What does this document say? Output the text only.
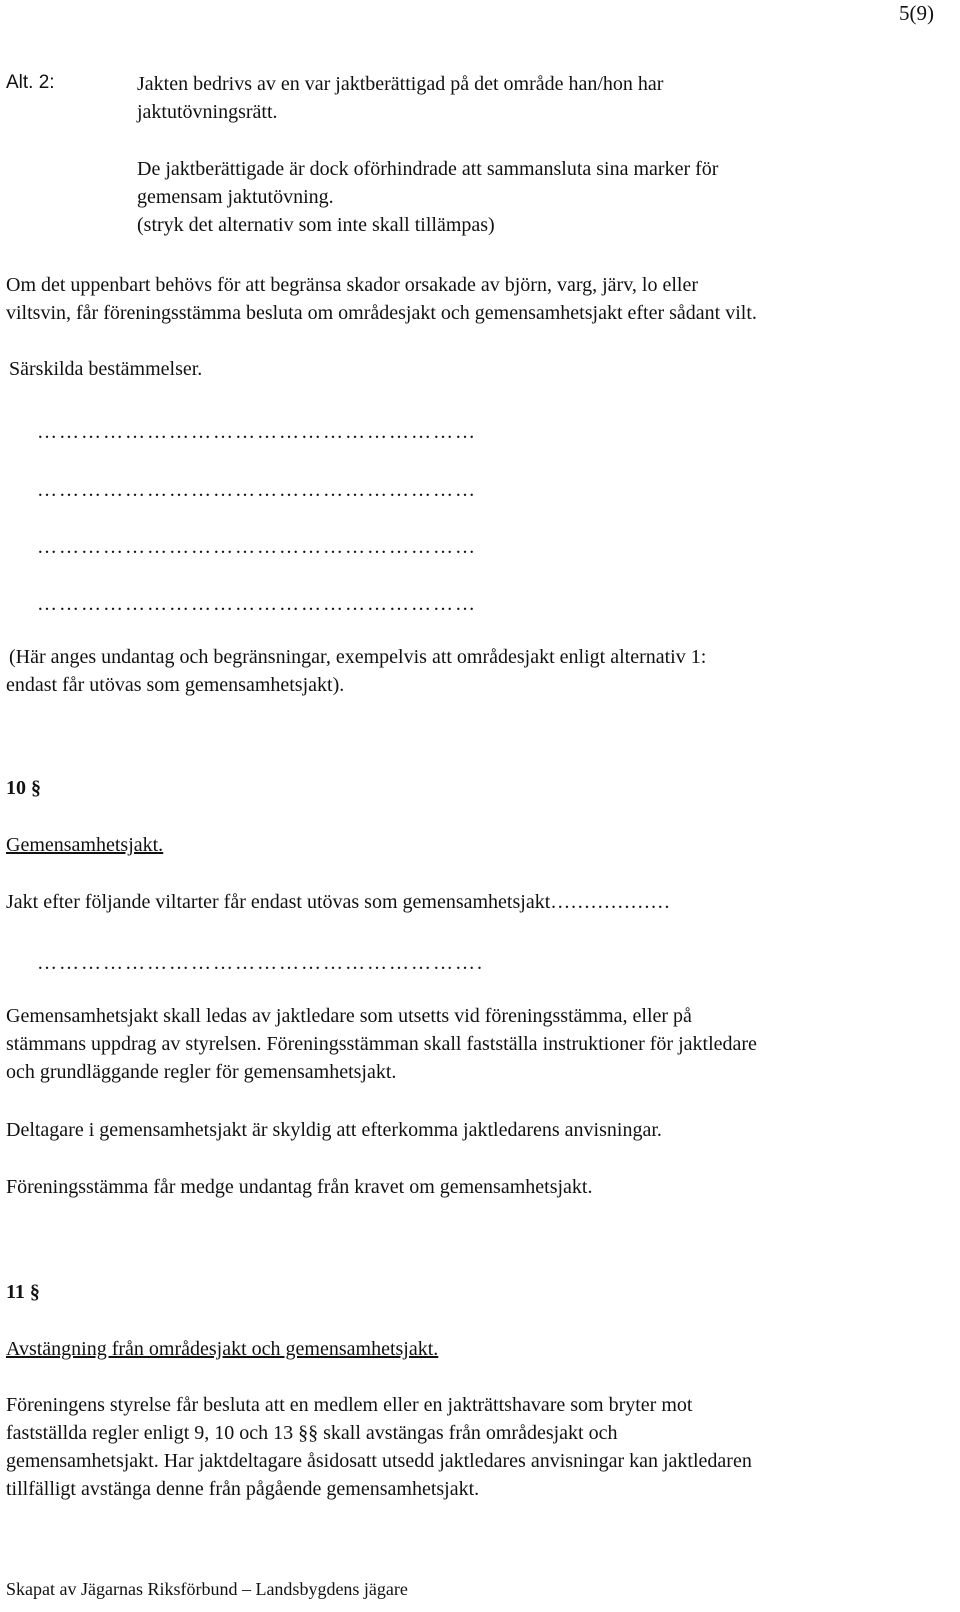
5(9)
Alt. 2:	Jakten bedrivs av en var jaktberättigad på det område han/hon har
jaktutövningsrätt.
De jaktberättigade är dock oförhindrade att sammansluta sina marker för
gemensam jaktutövning.
(stryk det alternativ som inte skall tillämpas)
Om det uppenbart behövs för att begränsa skador orsakade av björn, varg, järv, lo eller
viltsvin, får föreningsstämma besluta om områdesjakt och gemensamhetsjakt efter sådant vilt.
Särskilda bestämmelser.
……………………………………………………
……………………………………………………
……………………………………………………
……………………………………………………
(Här anges undantag och begränsningar, exempelvis att områdesjakt enligt alternativ 1:
endast får utövas som gemensamhetsjakt).
10 §
Gemensamhetsjakt.
Jakt efter följande viltarter får endast utövas som gemensamhetsjakt………………
…………………………………………………….
Gemensamhetsjakt skall ledas av jaktledare som utsetts vid föreningsstämma, eller på
stämmans uppdrag av styrelsen. Föreningsstämman skall fastställa instruktioner för jaktledare
och grundläggande regler för gemensamhetsjakt.
Deltagare i gemensamhetsjakt är skyldig att efterkomma jaktledarens anvisningar.
Föreningsstämma får medge undantag från kravet om gemensamhetsjakt.
11 §
Avstängning från områdesjakt och gemensamhetsjakt.
Föreningens styrelse får besluta att en medlem eller en jakträttshavare som bryter mot
fastställda regler enligt 9, 10 och 13 §§ skall avstängas från områdesjakt och
gemensamhetsjakt. Har jaktdeltagare åsidosatt utsedd jaktledares anvisningar kan jaktledaren
tillfälligt avstänga denne från pågående gemensamhetsjakt.
Skapat av Jägarnas Riksförbund – Landsbygdens jägare
